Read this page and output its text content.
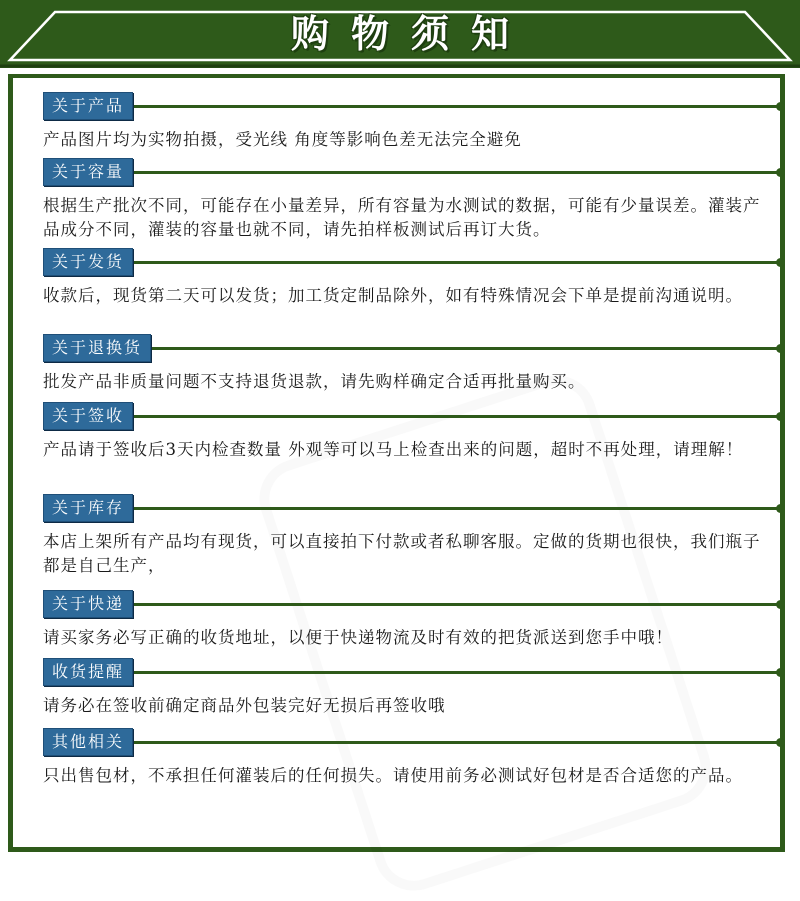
购物须知
关于产品
产品图片均为实物拍摄，受光线 角度等影响色差无法完全避免
关于容量
根据生产批次不同，可能存在小量差异，所有容量为水测试的数据，可能有少量误差。灌装产品成分不同，灌装的容量也就不同，请先拍样板测试后再订大货。
关于发货
收款后，现货第二天可以发货；加工货定制品除外，如有特殊情况会下单是提前沟通说明。
关于退换货
批发产品非质量问题不支持退货退款，请先购样确定合适再批量购买。
关于签收
产品请于签收后3天内检查数量 外观等可以马上检查出来的问题，超时不再处理，请理解！
关于库存
本店上架所有产品均有现货，可以直接拍下付款或者私聊客服。定做的货期也很快，我们瓶子都是自己生产，
关于快递
请买家务必写正确的收货地址，以便于快递物流及时有效的把货派送到您手中哦！
收货提醒
请务必在签收前确定商品外包装完好无损后再签收哦
其他相关
只出售包材，不承担任何灌装后的任何损失。请使用前务必测试好包材是否合适您的产品。
